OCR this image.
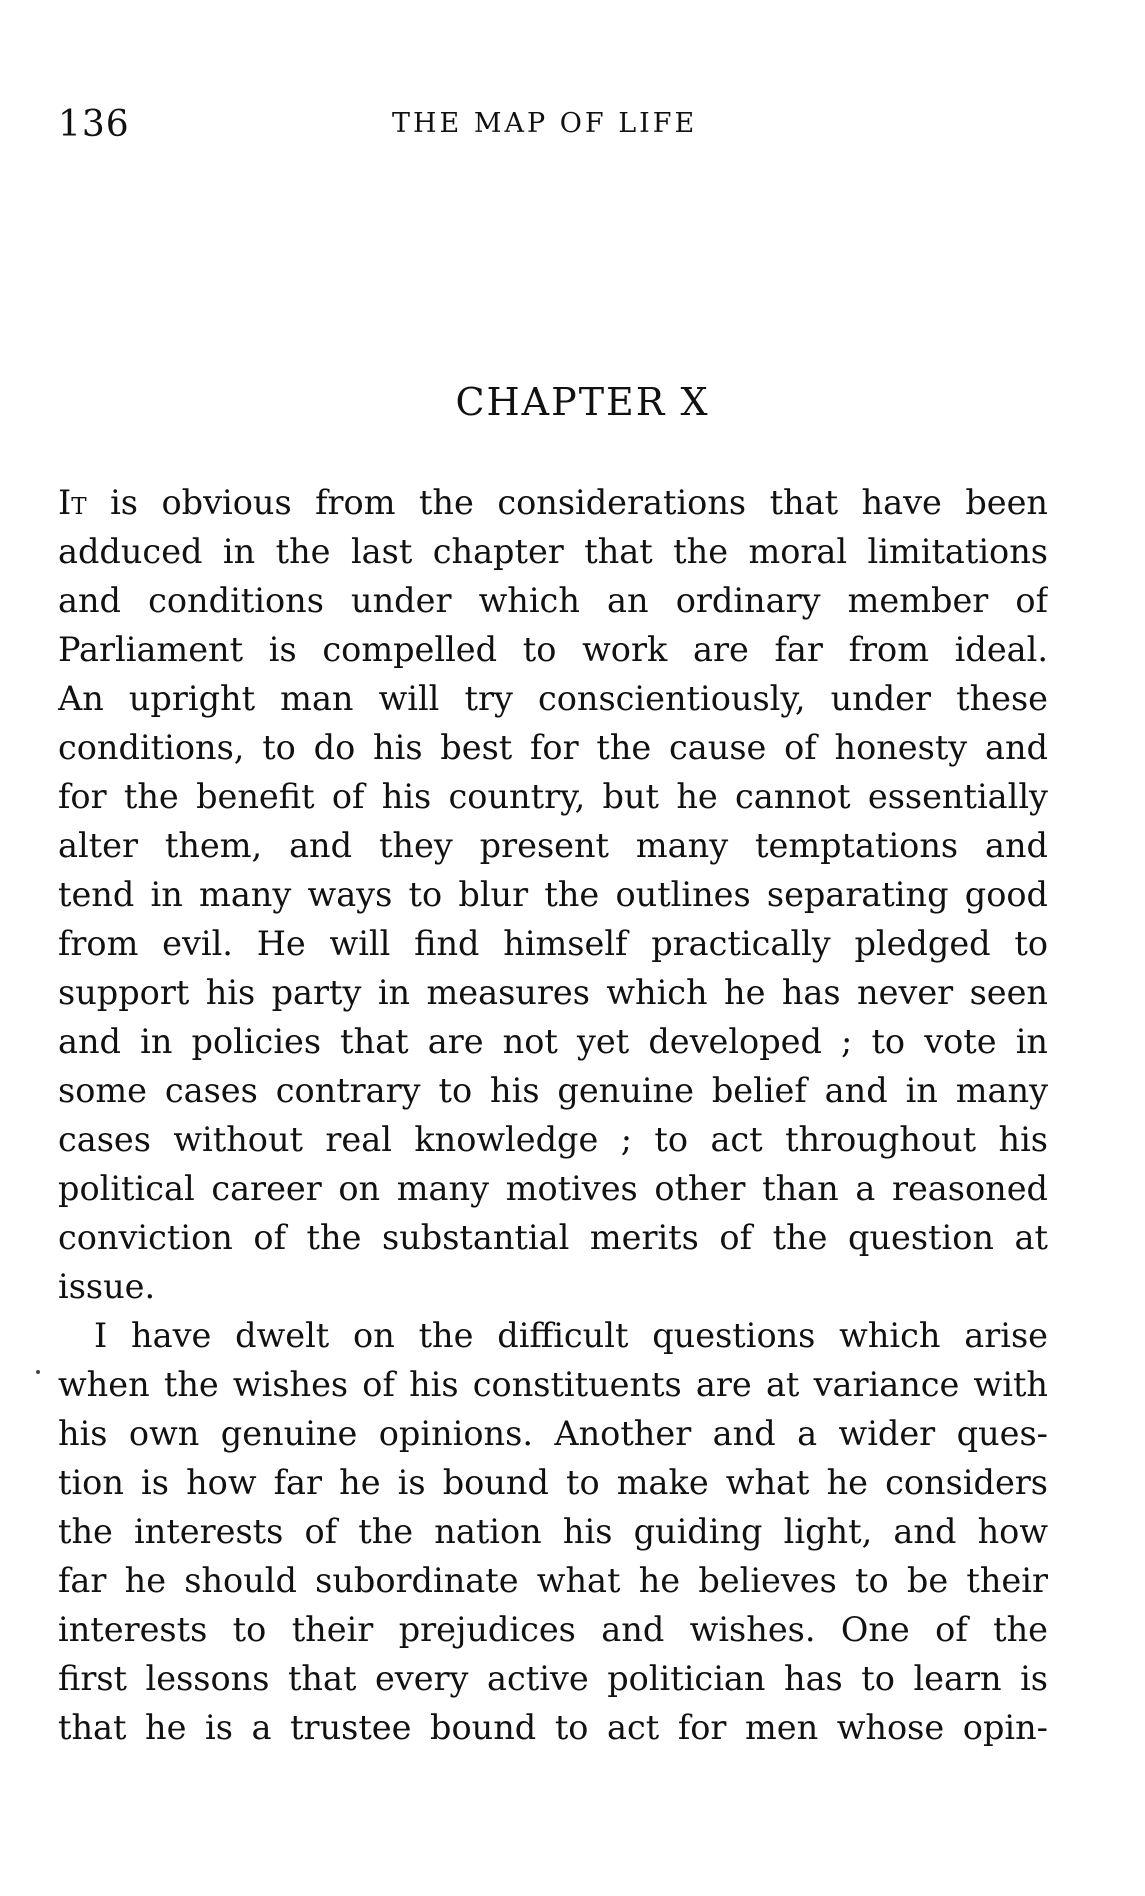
136	THE MAP OF LIFE
CHAPTER X

It is obvious from the considerations that have been
adduced in the last chapter that the moral limitations
and conditions under which an ordinary member of
Parliament is compelled to work are far from ideal.
An upright man will try conscientiously, under these
conditions, to do his best for the cause of honesty and
for the benefit of his country, but he cannot essentially
alter them, and they present many temptations and
tend in many ways to blur the outlines separating good
from evil. He will find himself practically pledged to
support his party in measures which he has never seen
and in policies that are not yet developed ; to vote in
some cases contrary to his genuine belief and in many
cases without real knowledge ; to act throughout his
political career on many motives other than a reasoned
conviction of the substantial merits of the question at
issue.

I have dwelt on the difficult questions which arise
when the wishes of his constituents are at variance with
his own genuine opinions. Another and a wider ques-
tion is how far he is bound to make what he considers
the interests of the nation his guiding light, and how
far he should subordinate what he believes to be their
interests to their prejudices and wishes. One of the
first lessons that every active politician has to learn is
that he is a trustee bound to act for men whose opin-
